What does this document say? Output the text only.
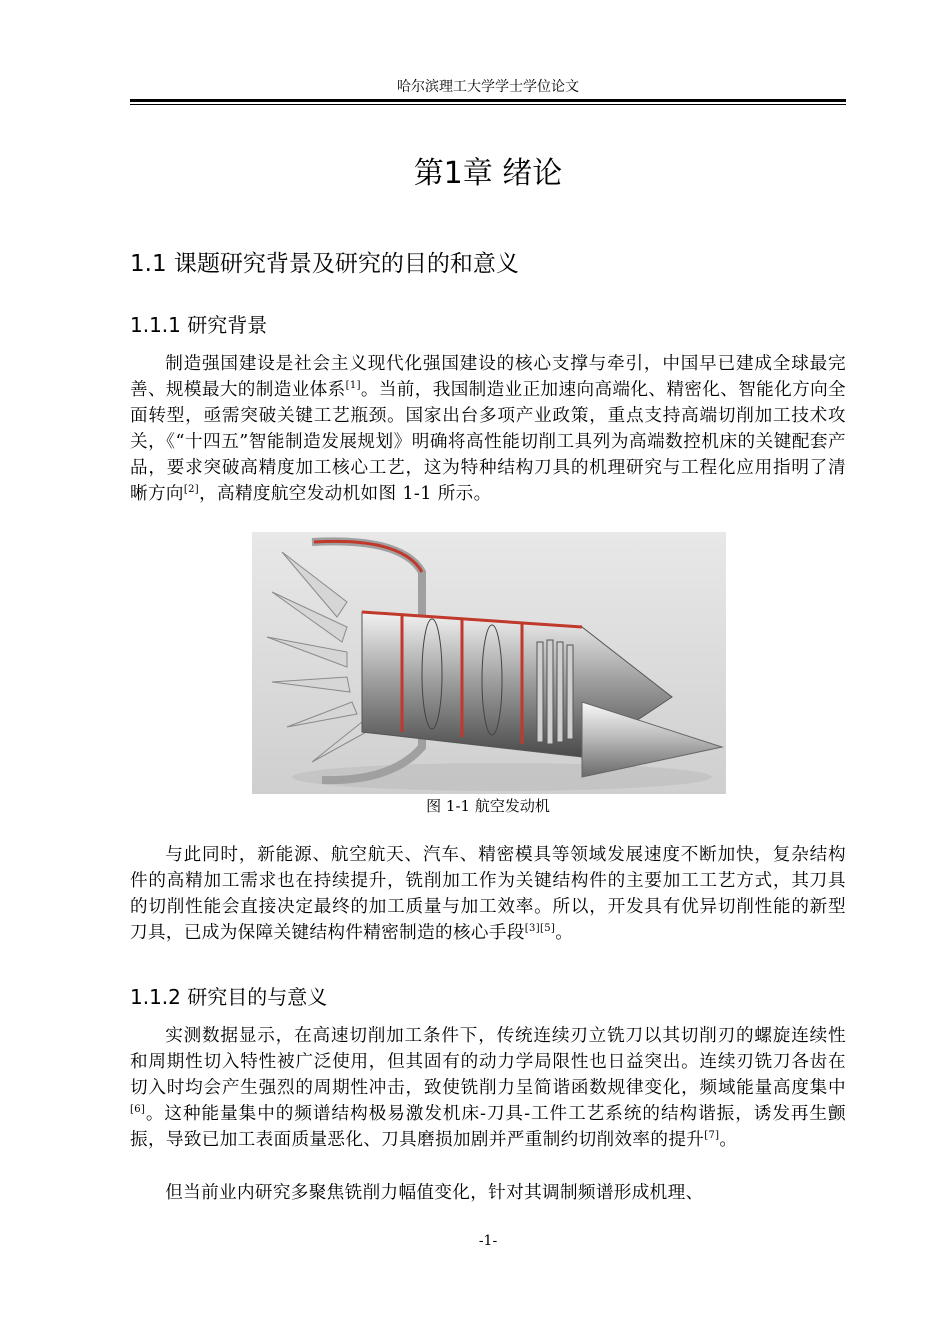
哈尔滨理工大学学士学位论文
第1章 绪论
1.1 课题研究背景及研究的目的和意义
1.1.1 研究背景

制造强国建设是社会主义现代化强国建设的核心支撑与牵引，中国早已建成全球最完善、规模最大的制造业体系[1]。当前，我国制造业正加速向高端化、精密化、智能化方向全面转型，亟需突破关键工艺瓶颈。国家出台多项产业政策，重点支持高端切削加工技术攻关，《“十四五”智能制造发展规划》明确将高性能切削工具列为高端数控机床的关键配套产品，要求突破高精度加工核心工艺，这为特种结构刀具的机理研究与工程化应用指明了清晰方向[2]，高精度航空发动机如图 1-1 所示。

图 1-1 航空发动机

与此同时，新能源、航空航天、汽车、精密模具等领域发展速度不断加快，复杂结构件的高精加工需求也在持续提升，铣削加工作为关键结构件的主要加工工艺方式，其刀具的切削性能会直接决定最终的加工质量与加工效率。所以，开发具有优异切削性能的新型刀具，已成为保障关键结构件精密制造的核心手段[3][5]。

1.1.2 研究目的与意义

实测数据显示，在高速切削加工条件下，传统连续刃立铣刀以其切削刃的螺旋连续性和周期性切入特性被广泛使用，但其固有的动力学局限性也日益突出。连续刃铣刀各齿在切入时均会产生强烈的周期性冲击，致使铣削力呈简谐函数规律变化，频域能量高度集中[6]。这种能量集中的频谱结构极易激发机床-刀具-工件工艺系统的结构谐振，诱发再生颤振，导致已加工表面质量恶化、刀具磨损加剧并严重制约切削效率的提升[7]。

但当前业内研究多聚焦铣削力幅值变化，针对其调制频谱形成机理、

-1-
